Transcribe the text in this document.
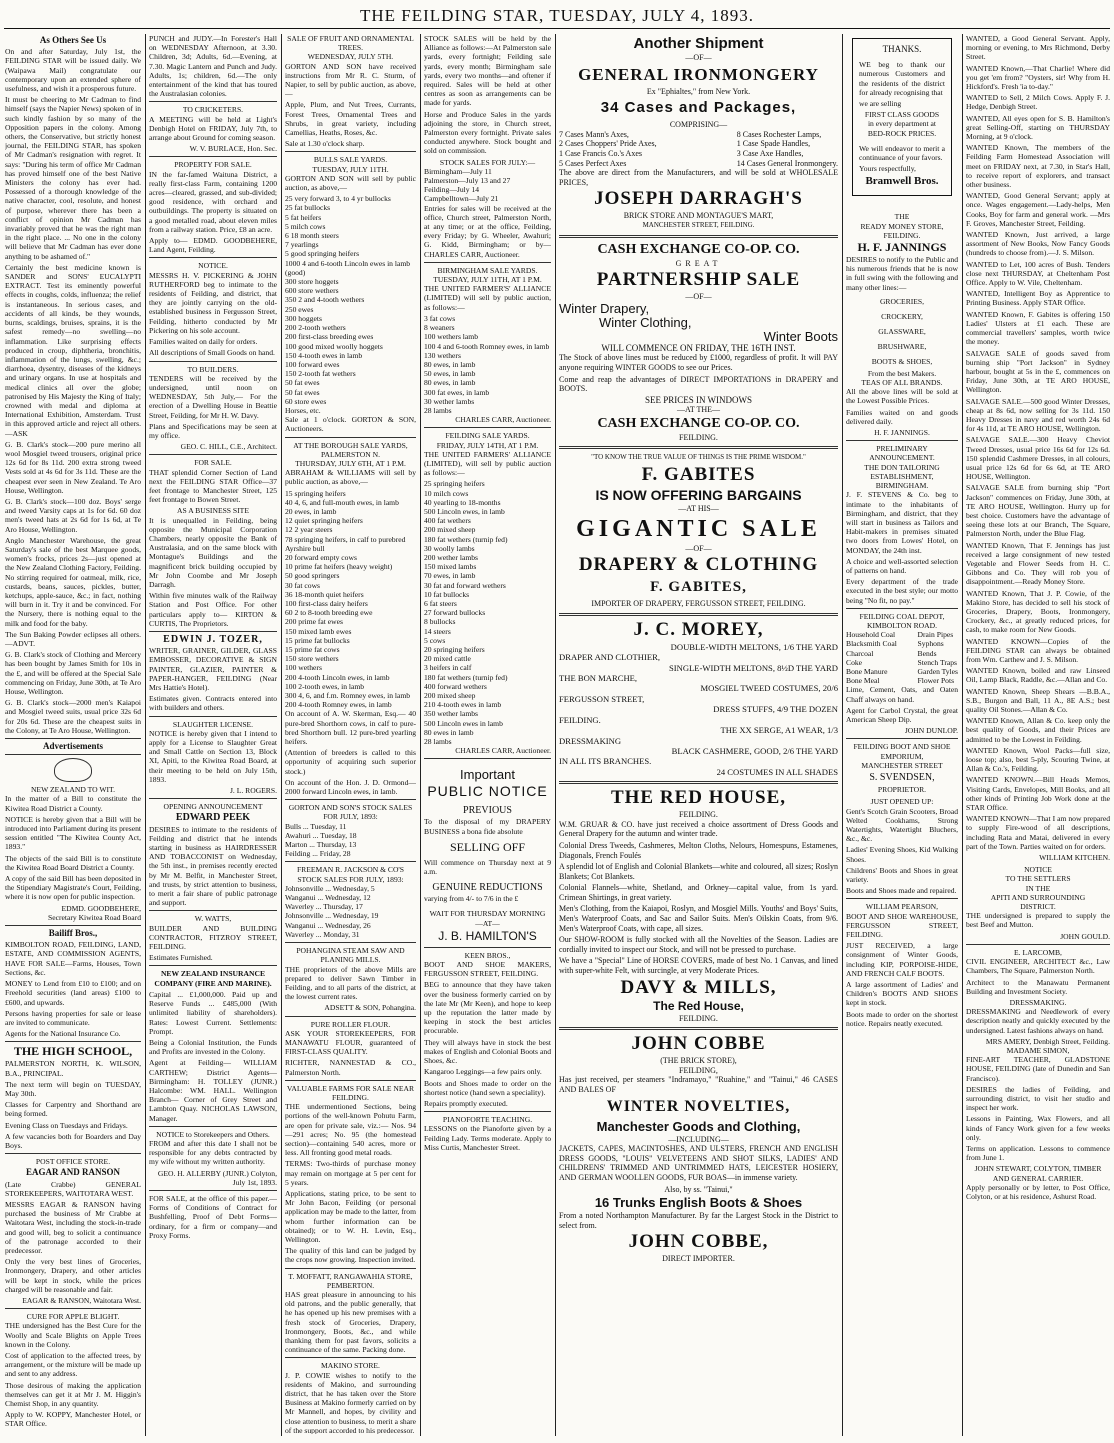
THE FEILDING STAR, TUESDAY, JULY 4, 1893.
As Others See Us

On and after Saturday, July 1st, the FEILDING STAR will be issued daily. We (Waipawa Mail) congratulate our contemporary upon an extended sphere of usefulness, and wish it a prosperous future.

It must be cheering to Mr Cadman to find himself (says the Napier News) spoken of in such kindly fashion by so many of the Opposition papers in the colony. Among others, the Conservative, but strictly honest journal, the FEILDING STAR, has spoken of Mr Cadman's resignation with regret. It says: "During his term of office Mr Cadman has proved himself one of the best Native Ministers the colony has ever had. Possessed of a thorough knowledge of the native character, cool, resolute, and honest of purpose, wherever there has been a conflict of opinion Mr Cadman has invariably proved that he was the right man in the right place. ... No one in the colony will believe that Mr Cadman has ever done anything to be ashamed of."

Certainly the best medicine known is SANDER and SONS' EUCALYPTI EXTRACT. Test its eminently powerful effects in coughs, colds, influenza; the relief is instantaneous. In serious cases, and accidents of all kinds, be they wounds, burns, scaldings, bruises, sprains, it is the safest remedy—no swelling—no inflammation. Like surprising effects produced in croup, diphtheria, bronchitis, inflammation of the lungs, swelling, &c.; diarrhoea, dysentry, diseases of the kidneys and urinary organs. In use at hospitals and medical clinics all over the globe; patronised by His Majesty the King of Italy; crowned with medal and diploma at International Exhibition, Amsterdam. Trust in this approved article and reject all others.—ASK

G. B. Clark's stock—200 pure merino all wool Mosgiel tweed trousers, original price 12s 6d for 8s 11d. 200 extra strong tweed Vests sold at 4s 6d for 3s 11d. These are the cheapest ever seen in New Zealand. Te Aro House, Wellington.

G. B. Clark's stock—100 doz. Boys' serge and tweed Varsity caps at 1s for 6d. 60 doz men's tweed hats at 2s 6d for 1s 6d, at Te Aro House, Wellington.

Anglo Manchester Warehouse, the great Saturday's sale of the best Marquee goods, women's frocks, prices 2s—just opened at the New Zealand Clothing Factory, Feilding. No stirring required for oatmeal, milk, rice, custards, beans, sauces, pickles, butter, ketchups, apple-sauce, &c.; in fact, nothing will burn in it. Try it and be convinced. For the Nursery, there is nothing equal to the milk and food for the baby.

The Sun Baking Powder eclipses all others.—ADVT.

G. B. Clark's stock of Clothing and Mercery has been bought by James Smith for 10s in the £, and will be offered at the Special Sale commencing on Friday, June 30th, at Te Aro House, Wellington.

G. B. Clark's stock—2000 men's Kaiapoi and Mosgiel tweed suits, usual price 32s 6d for 20s 6d. These are the cheapest suits in the Colony, at Te Aro House, Wellington.

Advertisements
NEW ZEALAND TO WIT.

In the matter of a Bill to constitute the Kiwitea Road District a County.

NOTICE is hereby given that a Bill will be introduced into Parliament during its present session entitled "The Kiwitea County Act, 1893."

The objects of the said Bill is to constitute the Kiwitea Road Board District a County.

A copy of the said Bill has been deposited in the Stipendiary Magistrate's Court, Feilding, where it is now open for public inspection.

EDMD. GOODBEHERE,
Secretary Kiwitea Road Board
Bailiff Bros.,

KIMBOLTON ROAD, FEILDING, LAND, ESTATE, AND COMMISSION AGENTS, HAVE FOR SALE—Farms, Houses, Town Sections, &c.

MONEY to Lend from £10 to £100; and on Freehold securities (land areas) £100 to £600, and upwards.

Persons having properties for sale or lease are invited to communicate.

Agents for the National Insurance Co.

THE HIGH SCHOOL,

PALMERSTON NORTH, K. WILSON, B.A., PRINCIPAL.

The next term will begin on TUESDAY, May 30th.

Classes for Carpentry and Shorthand are being formed.

Evening Class on Tuesdays and Fridays.

A few vacancies both for Boarders and Day Boys.

POST OFFICE STORE.
EAGAR AND RANSON

(Late Crabbe) GENERAL STOREKEEPERS, WAITOTARA WEST.

MESSRS EAGAR & RANSON having purchased the business of Mr Crabbe at Waitotara West, including the stock-in-trade and good will, beg to solicit a continuance of the patronage accorded to their predecessor.

Only the very best lines of Groceries, Ironmongery, Drapery, and other articles will be kept in stock, while the prices charged will be reasonable and fair.

EAGAR & RANSON, Waitotara West.
CURE FOR APPLE BLIGHT.

THE undersigned has the Best Cure for the Woolly and Scale Blights on Apple Trees known in the Colony.

Cost of application to the affected trees, by arrangement, or the mixture will be made up and sent to any address.

Those desirous of making the application themselves can get it at Mr J. M. Higgin's Chemist Shop, in any quantity.

Apply to W. KOPPY, Manchester Hotel, or STAR Office.

PUNCH and JUDY.—In Forester's Hall on WEDNESDAY Afternoon, at 3.30. Children, 3d; Adults, 6d.—Evening, at 7.30. Magic Lantern and Punch and Judy. Adults, 1s; children, 6d.—The only entertainment of the kind that has toured the Australasian colonies.

TO CRICKETERS.

A MEETING will be held at Light's Denbigh Hotel on FRIDAY, July 7th, to arrange about Ground for coming season.

W. V. BURLACE, Hon. Sec.
PROPERTY FOR SALE.

IN the far-famed Waituna District, a really first-class Farm, containing 1200 acres—cleared, grassed, and sub-divided; good residence, with orchard and outbuildings. The property is situated on a good metalled road, about eleven miles from a railway station. Price, £8 an acre.

Apply to— EDMD. GOODBEHERE, Land Agent, Feilding.

NOTICE.

MESSRS H. V. PICKERING & JOHN RUTHERFORD beg to intimate to the residents of Feilding, and district, that they are jointly carrying on the old-established business in Fergusson Street, Feilding, hitherto conducted by Mr Pickering on his sole account.

Families waited on daily for orders.

All descriptions of Small Goods on hand.

TO BUILDERS.

TENDERS will be received by the undersigned, until noon on WEDNESDAY, 5th July,— For the erection of a Dwelling House in Beattie Street, Feilding, for Mr H. W. Davy.

Plans and Specifications may be seen at my office.

GEO. C. HILL, C.E., Architect.
FOR SALE.

THAT splendid Corner Section of Land next the FEILDING STAR Office—37 feet frontage to Manchester Street, 125 feet frontage to Bowen Street.

AS A BUSINESS SITE

It is unequalled in Feilding, being opposite the Municipal Corporation Chambers, nearly opposite the Bank of Australasia, and on the same block with Montague's Buildings and the magnificent brick building occupied by Mr John Coombe and Mr Joseph Darragh.

Within five minutes walk of the Railway Station and Post Office. For other particulars apply to— KIRTON & CURTIS, The Proprietors.

EDWIN J. TOZER,

WRITER, GRAINER, GILDER, GLASS EMBOSSER, DECORATIVE & SIGN PAINTER, GLAZIER, PAINTER & PAPER-HANGER, FEILDING (Near Mrs Hattie's Hotel).

Estimates given. Contracts entered into with builders and others.

SLAUGHTER LICENSE.

NOTICE is hereby given that I intend to apply for a License to Slaughter Great and Small Cattle on Section 13, Block XI, Apiti, to the Kiwitea Road Board, at their meeting to be held on July 15th, 1893.

J. L. ROGERS.
OPENING ANNOUNCEMENT
EDWARD PEEK

DESIRES to intimate to the residents of Feilding and district that he intends starting in business as HAIRDRESSER AND TOBACCONIST on Wednesday, the 5th inst., in premises recently erected by Mr M. Belfit, in Manchester Street, and trusts, by strict attention to business, to merit a fair share of public patronage and support.

W. WATTS,

BUILDER AND BUILDING CONTRACTOR, FITZROY STREET, FEILDING.

Estimates Furnished.

NEW ZEALAND INSURANCE COMPANY (FIRE AND MARINE).

Capital ... £1,000,000. Paid up and Reserve Funds ... £485,000 (With unlimited liability of shareholders). Rates: Lowest Current. Settlements: Prompt.

Being a Colonial Institution, the Funds and Profits are invested in the Colony.

Agent at Feilding— WILLIAM CARTHEW; District Agents— Birmingham: H. TOLLEY (JUNR.) Halcombe: WM. HALL. Wellington Branch— Corner of Grey Street and Lambton Quay. NICHOLAS LAWSON, Manager.

NOTICE to Storekeepers and Others.

FROM and after this date I shall not be responsible for any debts contracted by my wife without my written authority.

GEO. H. ALLERBY (JUNR.) Colyton, July 1st, 1893.

FOR SALE, at the office of this paper.— Forms of Conditions of Contract for Bushfelling, Proof of Debt Forms—ordinary, for a firm or company—and Proxy Forms.

SALE OF FRUIT AND ORNAMENTAL TREES.
WEDNESDAY, JULY 5TH.

GORTON AND SON have received instructions from Mr R. C. Sturm, of Napier, to sell by public auction, as above,—

Apple, Plum, and Nut Trees, Currants, Forest Trees, Ornamental Trees and Shrubs, in great variety, including Camellias, Heaths, Roses, &c.

Sale at 1.30 o'clock sharp.

BULLS SALE YARDS.
TUESDAY, JULY 11TH.

GORTON AND SON will sell by public auction, as above,—

25 very forward 3, to 4 yr bullocks
25 fat bullocks
5 fat heifers
5 milch cows
6 18 month steers
7 yearlings
5 good springing heifers
1000 4 and 6-tooth Lincoln ewes in lamb (good)
300 store hoggets
600 store wethers
350 2 and 4-tooth wethers
250 ewes
300 hoggets
200 2-tooth wethers
200 first-class breeding ewes
100 good mixed woolly hoggets
150 4-tooth ewes in lamb
100 forward ewes
150 2-tooth fat wethers
50 fat ewes
50 fat ewes
60 store ewes
Horses, etc.

Sale at 1 o'clock. GORTON & SON, Auctioneers.

AT THE BOROUGH SALE YARDS, PALMERSTON N.
THURSDAY, JULY 6TH, AT 1 P.M.

ABRAHAM & WILLIAMS will sell by public auction, as above,—

15 springing heifers
40 4, 6, and full-mouth ewes, in lamb
20 ewes, in lamb
12 quiet springing heifers
12 2 year steers
78 springing heifers, in calf to purebred Ayrshire bull
20 forward empty cows
10 prime fat heifers (heavy weight)
50 good springers
30 fat cows
36 18-month quiet heifers
100 first-class dairy heifers
60 2 to 8-tooth breeding ewe
200 prime fat ewes
150 mixed lamb ewes
15 prime fat bullocks
15 prime fat cows
150 store wethers
100 wethers
200 4-tooth Lincoln ewes, in lamb
100 2-tooth ewes, in lamb
300 4, 6, and f.m. Romney ewes, in lamb
200 4-tooth Romney ewes, in lamb

On account of A. W. Skerman, Esq.— 40 pure-bred Shorthorn cows, in calf to pure-bred Shorthorn bull. 12 pure-bred yearling heifers.

(Attention of breeders is called to this opportunity of acquiring such superior stock.)

On account of the Hon. J. D. Ormond— 2000 forward Lincoln ewes, in lamb.

GORTON AND SON'S STOCK SALES FOR JULY, 1893:
Bulls ... Tuesday, 11
Awahuri ... Tuesday, 18
Marton ... Thursday, 13
Feilding ... Friday, 28
FREEMAN R. JACKSON & CO'S STOCK SALES FOR JULY, 1893:
Johnsonville ... Wednesday, 5
Wanganui ... Wednesday, 12
Waverley ... Thursday, 17
Johnsonville ... Wednesday, 19
Wanganui ... Wednesday, 26
Waverley ... Monday, 31
POHANGINA STEAM SAW AND PLANING MILLS.

THE proprietors of the above Mills are prepared to deliver Sawn Timber in Feilding, and to all parts of the district, at the lowest current rates.

ADSETT & SON, Pohangina.
PURE ROLLER FLOUR.

ASK YOUR STOREKEEPERS, FOR MANAWATU FLOUR, guaranteed of FIRST-CLASS QUALITY.

RICHTER, NANNESTAD & CO., Palmerston North.

VALUABLE FARMS FOR SALE NEAR FEILDING.

THE undermentioned Sections, being portions of the well-known Pohutu Farm, are open for private sale, viz.:— Nos. 94—291 acres; No. 95 (the homestead section)—containing 540 acres, more or less. All fronting good metal roads.

TERMS: Two-thirds of purchase money may remain on mortgage at 5 per cent for 5 years.

Applications, stating price, to be sent to Mr John Bacon, Feilding (or personal application may be made to the latter, from whom further information can be obtained); or to W. H. Levin, Esq., Wellington.

The quality of this land can be judged by the crops now growing. Inspection invited.

T. MOFFATT, RANGAWAHIA STORE, PEMBERTON.

HAS great pleasure in announcing to his old patrons, and the public generally, that he has opened up his new premises with a fresh stock of Groceries, Drapery, Ironmongery, Boots, &c., and while thanking them for past favors, solicits a continuance of the same. Packing done.

MAKINO STORE.

J. P. COWIE wishes to notify to the residents of Makino, and surrounding district, that he has taken over the Store Business at Makino formerly carried on by Mr Mannell, and hopes, by civility and close attention to business, to merit a share of the support accorded to his predecessor.

STOCK SALES will be held by the Alliance as follows:—At Palmerston sale yards, every fortnight; Feilding sale yards, every month; Birmingham sale yards, every two months—and oftener if required. Sales will be held at other centres as soon as arrangements can be made for yards.

Horse and Produce Sales in the yards adjoining the store, in Church street, Palmerston every fortnight. Private sales conducted anywhere. Stock bought and sold on commission.

STOCK SALES FOR JULY:—
Birmingham—July 11
Palmerston—July 13 and 27
Feilding—July 14
Campbelltown—July 21

Entries for sales will be received at the office, Church street, Palmerston North, at any time; or at the office, Feilding, every Friday; by G. Wheeler, Awahuri; G. Kidd, Birmingham; or by— CHARLES CARR, Auctioneer.

BIRMINGHAM SALE YARDS.
TUESDAY, JULY 11TH, AT 1 P.M.

THE UNITED FARMER'S' ALLIANCE (LIMITED) will sell by public auction, as follows:—

3 fat cows
8 weaners
100 wethers lamb
100 4 and 6-tooth Romney ewes, in lamb
130 wethers
80 ewes, in lamb
50 ewes, in lamb
80 ewes, in lamb
300 fat ewes, in lamb
30 wether lambs
28 lambs
CHARLES CARR, Auctioneer.
FEILDING SALE YARDS.
FRIDAY, JULY 14TH, AT 1 P.M.

THE UNITED FARMERS' ALLIANCE (LIMITED), will sell by public auction as follows:—

25 springing heifers
10 milch cows
40 yearling to 18-months
500 Lincoln ewes, in lamb
400 fat wethers
200 mixed sheep
180 fat wethers (turnip fed)
30 woolly lambs
200 wether lambs
150 mixed lambs
70 ewes, in lamb
30 fat and forward wethers
10 fat bullocks
6 fat steers
27 forward bullocks
8 bullocks
14 steers
5 cows
20 springing heifers
20 mixed cattle
3 heifers in calf
180 fat wethers (turnip fed)
400 forward wethers
200 mixed sheep
210 4-tooth ewes in lamb
350 wether lambs
500 Lincoln ewes in lamb
80 ewes in lamb
28 lambs
CHARLES CARR, Auctioneer.
Important
PUBLIC NOTICE
PREVIOUS

To the disposal of my DRAPERY BUSINESS a bona fide absolute

SELLING OFF

Will commence on Thursday next at 9 a.m.

GENUINE REDUCTIONS

varying from 4/- to 7/6 in the £

WAIT FOR THURSDAY MORNING
—AT—
J. B. HAMILTON'S
KEEN BROS.,

BOOT AND SHOE MAKERS, FERGUSSON STREET, FEILDING.

BEG to announce that they have taken over the business formerly carried on by the late Mr (Mr Keen), and hope to keep up the reputation the latter made by keeping in stock the best articles procurable.

They will always have in stock the best makes of English and Colonial Boots and Shoes, &c.

Kangaroo Leggings—a few pairs only.

Boots and Shoes made to order on the shortest notice (hand sewn a speciality).

Repairs promptly executed.

PIANOFORTE TEACHING.

LESSONS on the Pianoforte given by a Feilding Lady. Terms moderate. Apply to Miss Curtis, Manchester Street.

Another Shipment
—OF—
GENERAL IRONMONGERY
Ex "Ephialtes," from New York.
34 Cases and Packages,
COMPRISING—
7 Cases Mann's Axes,
2 Cases Choppers' Pride Axes,
1 Case Francis Co.'s Axes
5 Cases Perfect Axes
8 Cases Rochester Lamps,
1 Case Spade Handles,
3 Case Axe Handles,
14 Cases General Ironmongery.

The above are direct from the Manufacturers, and will be sold at WHOLESALE PRICES,

JOSEPH DARRAGH'S
BRICK STORE AND MONTAGUE'S MART,
MANCHESTER STREET, FEILDING.
CASH EXCHANGE CO-OP. CO.
GREAT
PARTNERSHIP SALE
—OF—
Winter Drapery,
Winter Clothing,
Winter Boots
WILL COMMENCE ON FRIDAY, THE 16TH INST.

The Stock of above lines must be reduced by £1000, regardless of profit. It will PAY anyone requiring WINTER GOODS to see our Prices.

Come and reap the advantages of DIRECT IMPORTATIONS in DRAPERY and BOOTS.

SEE PRICES IN WINDOWS
—AT THE—
CASH EXCHANGE CO-OP. CO.
FEILDING.
"TO KNOW THE TRUE VALUE OF THINGS IS THE PRIME WISDOM."
F. GABITES
IS NOW OFFERING BARGAINS
—AT HIS—
GIGANTIC SALE
—OF—
DRAPERY & CLOTHING
F. GABITES,
IMPORTER OF DRAPERY, FERGUSSON STREET, FEILDING.
J. C. MOREY,
DOUBLE-WIDTH MELTONS, 1/6 THE YARD
DRAPER AND CLOTHIER,
SINGLE-WIDTH MELTONS, 8½D THE YARD
THE BON MARCHE,
MOSGIEL TWEED COSTUMES, 20/6
FERGUSSON STREET,
DRESS STUFFS, 4/9 THE DOZEN
FEILDING.
THE XX SERGE, A1 WEAR, 1/3
DRESSMAKING
BLACK CASHMERE, GOOD, 2/6 THE YARD
IN ALL ITS BRANCHES.
24 COSTUMES IN ALL SHADES
THE RED HOUSE,
FEILDING.

W.M. GRUAR & CO. have just received a choice assortment of Dress Goods and General Drapery for the autumn and winter trade.

Colonial Dress Tweeds, Cashmeres, Melton Cloths, Nelours, Homespuns, Estamenes, Diagonals, French Foulés

A splendid lot of English and Colonial Blankets—white and coloured, all sizes; Roslyn Blankets; Cot Blankets.

Colonial Flannels—white, Shetland, and Orkney—capital value, from 1s yard. Crimean Shirtings, in great variety.

Men's Clothing, from the Kaiapoi, Roslyn, and Mosgiel Mills. Youths' and Boys' Suits, Men's Waterproof Coats, and Sac and Sailor Suits. Men's Oilskin Coats, from 9/6. Men's Waterproof Coats, with cape, all sizes.

Our SHOW-ROOM is fully stocked with all the Novelties of the Season. Ladies are cordially invited to inspect our Stock, and will not be pressed to purchase.

We have a "Special" Line of HORSE COVERS, made of best No. 1 Canvas, and lined with super-white Felt, with surcingle, at very Moderate Prices.

DAVY & MILLS,
The Red House,
FEILDING.
JOHN COBBE
(THE BRICK STORE),
FEILDING,

Has just received, per steamers "Indramayo," "Ruahine," and "Tainui," 46 CASES AND BALES OF

WINTER NOVELTIES,
Manchester Goods and Clothing,
—INCLUDING—

JACKETS, CAPES, MACINTOSHES, AND ULSTERS, FRENCH AND ENGLISH DRESS GOODS, "LOUIS" VELVETEENS AND SHOT SILKS, LADIES' AND CHILDRENS' TRIMMED AND UNTRIMMED HATS, LEICESTER HOSIERY, AND GERMAN WOOLLEN GOODS, FUR BOAS—in immense variety.

Also, by ss. "Tainui,"
16 Trunks English Boots & Shoes

From a noted Northampton Manufacturer. By far the Largest Stock in the District to select from.

JOHN COBBE,
DIRECT IMPORTER.
THANKS.

WE beg to thank our numerous Customers and the residents of the district for already recognising that

we are selling

FIRST CLASS GOODS
in every department at
BED-ROCK PRICES.

We will endeavor to merit a continuance of your favors.

Yours respectfully,

Bramwell Bros.
THE
READY MONEY STORE,
FEILDING.
H. F. JANNINGS

DESIRES to notify to the Public and his numerous friends that he is now in full swing with the following and many other lines:—

GROCERIES,
CROCKERY,
GLASSWARE,
BRUSHWARE,
BOOTS & SHOES,
From the best Makers.
TEAS OF ALL BRANDS.

All the above lines will be sold at the Lowest Possible Prices.

Families waited on and goods delivered daily.

H. F. JANNINGS.
PRELIMINARY ANNOUNCEMENT.
THE DON TAILORING ESTABLISHMENT, BIRMINGHAM.

J. F. STEVENS & Co. beg to intimate to the inhabitants of Birmingham, and district, that they will start in business as Tailors and Habit-makers in premises situated two doors from Lowes' Hotel, on MONDAY, the 24th inst.

A choice and well-assorted selection of patterns on hand.

Every department of the trade executed in the best style; our motto being "No fit, no pay."

FEILDING COAL DEPOT,
KIMBOLTON ROAD.
Household Coal
Blacksmith Coal
Charcoal
Coke
Bone Manure
Bone Meal
Drain Pipes
Syphons
Bends
Stench Traps
Garden Tyles
Flower Pots

Lime, Cement, Oats, and Oaten Chaff always on hand.

Agent for Carbol Crystal, the great American Sheep Dip.

JOHN DUNLOP.
FEILDING BOOT AND SHOE EMPORIUM,
MANCHESTER STREET
S. SVENDSEN,
PROPRIETOR.
JUST OPENED UP:

Gent's Scotch Grain Scooters, Broad Welted Cookhams, Strong Watertights, Watertight Bluchers, &c., &c.

Ladies' Evening Shoes, Kid Walking Shoes.

Childrens' Boots and Shoes in great variety.

Boots and Shoes made and repaired.

WILLIAM PEARSON,

BOOT AND SHOE WAREHOUSE, FERGUSSON STREET, FEILDING.

JUST RECEIVED, a large consignment of Winter Goods, including KIP, PORPOISE-HIDE, AND FRENCH CALF BOOTS.

A large assortment of Ladies' and Children's BOOTS AND SHOES kept in stock.

Boots made to order on the shortest notice. Repairs neatly executed.

WANTED, a Good General Servant. Apply, morning or evening, to Mrs Richmond, Derby Street.

WANTED Known,—That Charlie! Where did you get 'em from? "Oysters, sir! Why from H. Hickford's. Fresh 'ia to-day."

WANTED to Sell, 2 Milch Cows. Apply F. J. Hedge, Denbigh Street.

WANTED, All eyes open for S. B. Hamilton's great Selling-Off, starting on THURSDAY Morning, at 9 o'clock.

WANTED Known, The members of the Feilding Farm Homestead Association will meet on FRIDAY next, at 7.30, in Star's Hall, to receive report of explorers, and transact other business.

WANTED, Good General Servant; apply at once. Wages engagement.—Lady-helps, Men Cooks, Boy for farm and general work. —Mrs F. Groves, Manchester Street, Feilding.

WANTED Known, Just arrived, a large assortment of New Books, Now Fancy Goods (hundreds to choose from).—J. S. Milson.

WANTED to Let, 100 acres of Bush. Tenders close next THURSDAY, at Cheltenham Post Office. Apply to W. Vile, Cheltenham.

WANTED, Intelligent Boy as Apprentice to Printing Business. Apply STAR Office.

WANTED Known, F. Gabites is offering 150 Ladies' Ulsters at £1 each. These are commercial travellers' samples, worth twice the money.

SALVAGE SALE of goods saved from burning ship "Port Jackson" in Sydney harbour, bought at 5s in the £, commences on Friday, June 30th, at TE ARO HOUSE, Wellington.

SALVAGE SALE.—500 good Winter Dresses, cheap at 8s 6d, now selling for 3s 11d. 150 Heavy Dresses in navy and red worth 24s 6d for 4s 11d, at TE ARO HOUSE, Wellington.

SALVAGE SALE.—300 Heavy Cheviot Tweed Dresses, usual price 16s 6d for 12s 6d. 150 splendid Cashmere Dresses, in all colours, usual price 12s 6d for 6s 6d, at TE ARO HOUSE, Wellington.

SALVAGE SALE from burning ship "Port Jackson" commences on Friday, June 30th, at TE ARO HOUSE, Wellington. Hurry up for best choice. Customers have the advantage of seeing these lots at our Branch, The Square, Palmerston North, under the Blue Flag.

WANTED Known, That F. Jennings has just received a large consignment of new tested Vegetable and Flower Seeds from H. C. Gibbons and Co. They will rob you of disappointment.—Ready Money Store.

WANTED Known, That J. P. Cowie, of the Makino Store, has decided to sell his stock of Groceries, Drapery, Boots, Ironmongery, Crockery, &c., at greatly reduced prices, for cash, to make room for New Goods.

WANTED KNOWN—Copies of the FEILDING STAR can always be obtained from Wm. Carthew and J. S. Milson.

WANTED Known, boiled and raw Linseed Oil, Lamp Black, Raddle, &c.—Allan and Co.

WANTED Known, Sheep Shears —B.B.A., S.B., Burgon and Ball, 11 A., 8E A.S.; best quality Oil Stones.—Allan & Co.

WANTED Known, Allan & Co. keep only the best quality of Goods, and their Prices are admitted to be the Lowest in Feilding.

WANTED Known, Wool Packs—full size, loose top; also, best 5-ply, Scouring Twine, at Allan & Co.'s, Feilding.

WANTED KNOWN.—Bill Heads Memos, Visiting Cards, Envelopes, Mill Books, and all other kinds of Printing Job Work done at the STAR Office.

WANTED KNOWN—That I am now prepared to supply Fire-wood of all descriptions, including Rata and Matai, delivered in every part of the Town. Parties waited on for orders.

WILLIAM KITCHEN.
NOTICE
TO THE SETTLERS
IN THE
APITI AND SURROUNDING
DISTRICT.

THE undersigned is prepared to supply the best Beef and Mutton.

JOHN GOULD.
E. LARCOMB,

CIVIL ENGINEER, ARCHITECT &c., Law Chambers, The Square, Palmerston North.

Architect to the Manawatu Permanent Building and Investment Society.

DRESSMAKING.

DRESSMAKING and Needlework of every description neatly and quickly executed by the undersigned. Latest fashions always on hand.

MRS AMERY, Denbigh Street, Feilding.
MADAME SIMON,

FINE-ART TEACHER, GLADSTONE HOUSE, FEILDING (late of Dunedin and San Francisco).

DESIRES the ladies of Feilding, and surrounding district, to visit her studio and inspect her work.

Lessons in Painting, Wax Flowers, and all kinds of Fancy Work given for a few weeks only.

Terms on application. Lessons to commence from June 1.

JOHN STEWART, COLYTON, TIMBER AND GENERAL CARRIER.

Apply personally or by letter, to Post Office, Colyton, or at his residence, Ashurst Road.
